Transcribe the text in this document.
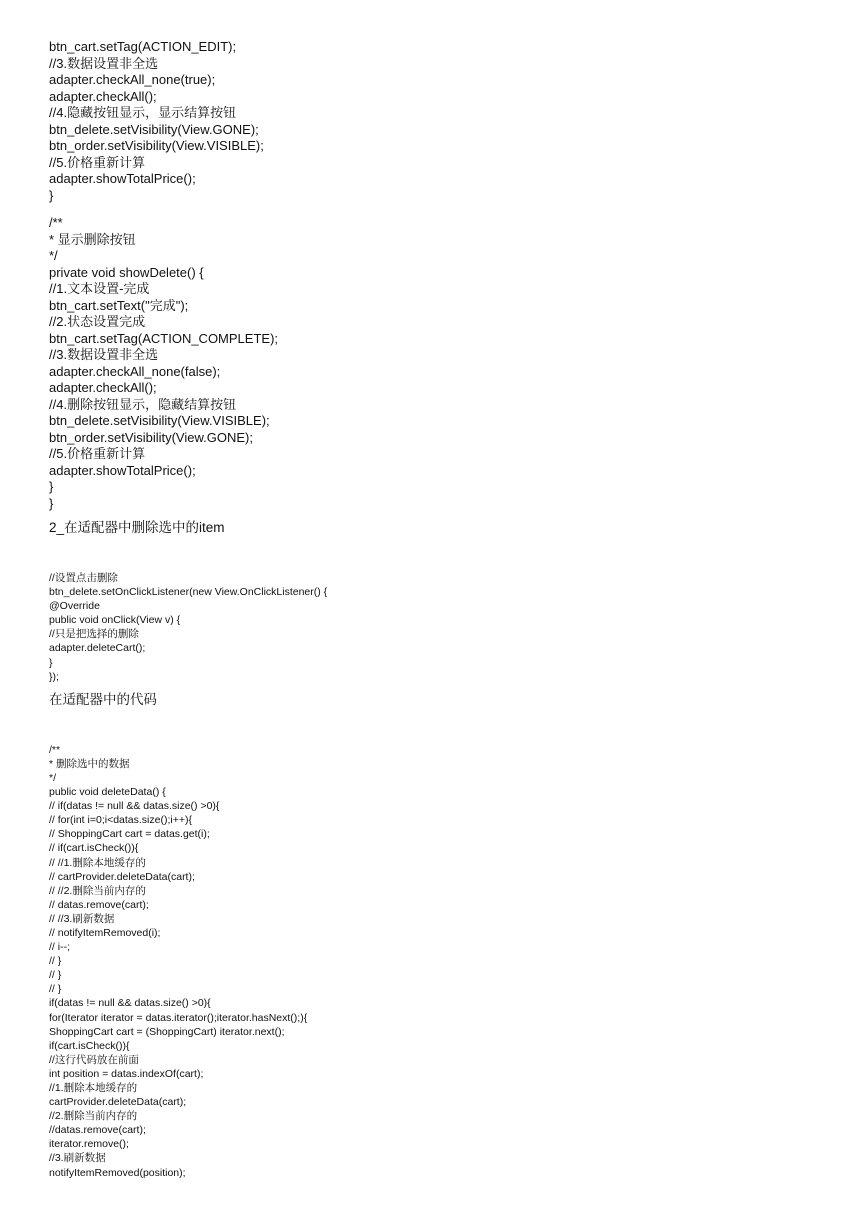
btn_cart.setTag(ACTION_EDIT);
//3.数据设置非全选
adapter.checkAll_none(true);
adapter.checkAll();
//4.隐藏按钮显示，显示结算按钮
btn_delete.setVisibility(View.GONE);
btn_order.setVisibility(View.VISIBLE);
//5.价格重新计算
adapter.showTotalPrice();
}
/**
* 显示删除按钮
*/
private void showDelete() {
//1.文本设置-完成
btn_cart.setText("完成");
//2.状态设置完成
btn_cart.setTag(ACTION_COMPLETE);
//3.数据设置非全选
adapter.checkAll_none(false);
adapter.checkAll();
//4.删除按钮显示，隐藏结算按钮
btn_delete.setVisibility(View.VISIBLE);
btn_order.setVisibility(View.GONE);
//5.价格重新计算
adapter.showTotalPrice();
}
}
2_在适配器中删除选中的item
//设置点击删除
btn_delete.setOnClickListener(new View.OnClickListener() {
@Override
public void onClick(View v) {
//只是把选择的删除
adapter.deleteCart();
}
});
在适配器中的代码
/**
* 删除选中的数据
*/
public void deleteData() {
// if(datas != null && datas.size() >0){
// for(int i=0;i<datas.size();i++){
// ShoppingCart cart = datas.get(i);
// if(cart.isCheck()){
// //1.删除本地缓存的
// cartProvider.deleteData(cart);
// //2.删除当前内存的
// datas.remove(cart);
// //3.刷新数据
// notifyItemRemoved(i);
// i--;
// }
// }
// }
if(datas != null && datas.size() >0){
for(Iterator iterator = datas.iterator();iterator.hasNext();){
ShoppingCart cart = (ShoppingCart) iterator.next();
if(cart.isCheck()){
//这行代码放在前面
int position = datas.indexOf(cart);
//1.删除本地缓存的
cartProvider.deleteData(cart);
//2.删除当前内存的
//datas.remove(cart);
iterator.remove();
//3.刷新数据
notifyItemRemoved(position);
